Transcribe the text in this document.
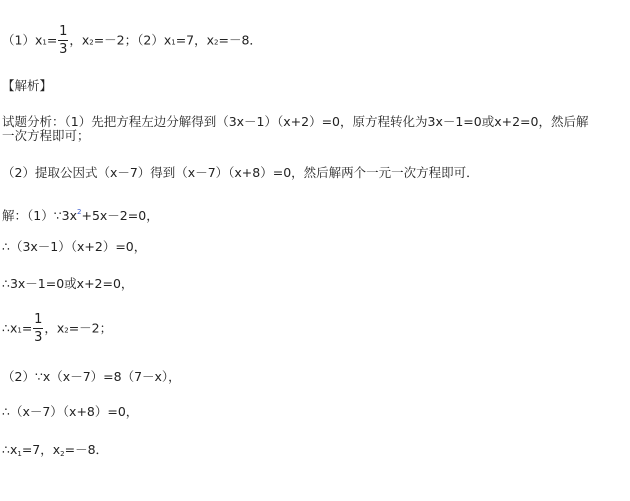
$(1)x1= \frac{1}{3}$ ，x2=－2；（2）x1=7，x2=－8．
【解析】
试题分析：（1）先把方程左边分解得到（3x－1）（x+2）=0，原方程转化为3x－1=0或x+2=0，然后解
一次方程即可；
（2）提取公因式（x－7）得到（x－7）（x+8）=0，然后解两个一元一次方程即可．
解：$(1)\because 3x^2+5x-2=0$，
∴（3x－1）（x+2）=0，
∴3x－1=0或x+2=0，
∴x1= $\frac{1}{3}$ ，x2=－2；
（2）∵x（x－7）=8（7－x），
∴（x－7）（x+8）=0，
$\therefore x_1=7$，$x_2=-8$．
